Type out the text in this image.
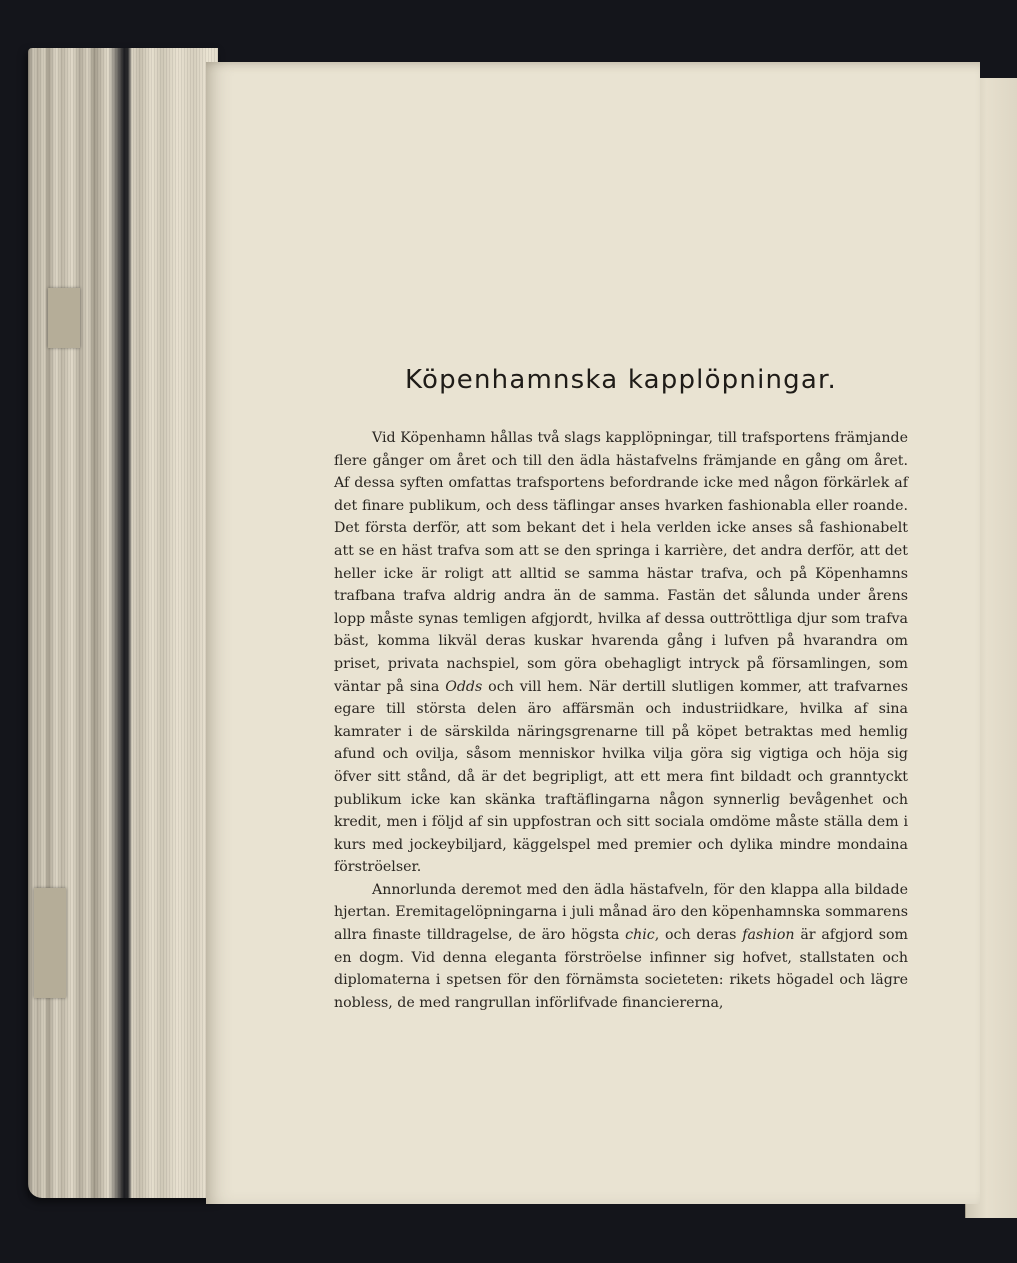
Köpenhamnska kapplöpningar.

Vid Köpenhamn hållas två slags kapplöpningar, till trafsportens främjande flere gånger om året och till den ädla hästafvelns främjande en gång om året. Af dessa syften omfattas trafsportens befordrande icke med någon förkärlek af det finare publikum, och dess täflingar anses hvarken fashionabla eller roande. Det första derför, att som bekant det i hela verlden icke anses så fashionabelt att se en häst trafva som att se den springa i karrière, det andra derför, att det heller icke är roligt att alltid se samma hästar trafva, och på Köpenhamns trafbana trafva aldrig andra än de samma. Fastän det sålunda under årens lopp måste synas temligen afgjordt, hvilka af dessa outtröttliga djur som trafva bäst, komma likväl deras kuskar hvarenda gång i lufven på hvarandra om priset, privata nachspiel, som göra obehagligt intryck på församlingen, som väntar på sina Odds och vill hem. När dertill slutligen kommer, att trafvarnes egare till största delen äro affärsmän och industriidkare, hvilka af sina kamrater i de särskilda näringsgrenarne till på köpet betraktas med hemlig afund och ovilja, såsom menniskor hvilka vilja göra sig vigtiga och höja sig öfver sitt stånd, då är det begripligt, att ett mera fint bildadt och granntyckt publikum icke kan skänka traftäflingarna någon synnerlig bevågenhet och kredit, men i följd af sin uppfostran och sitt sociala omdöme måste ställa dem i kurs med jockeybiljard, käggelspel med premier och dylika mindre mondaina förströelser.

Annorlunda deremot med den ädla hästafveln, för den klappa alla bildade hjertan. Eremitagelöpningarna i juli månad äro den köpenhamnska sommarens allra finaste tilldragelse, de äro högsta chic, och deras fashion är afgjord som en dogm. Vid denna eleganta förströelse infinner sig hofvet, stallstaten och diplomaterna i spetsen för den förnämsta societeten: rikets högadel och lägre nobless, de med rangrullan införlifvade financiererna,
